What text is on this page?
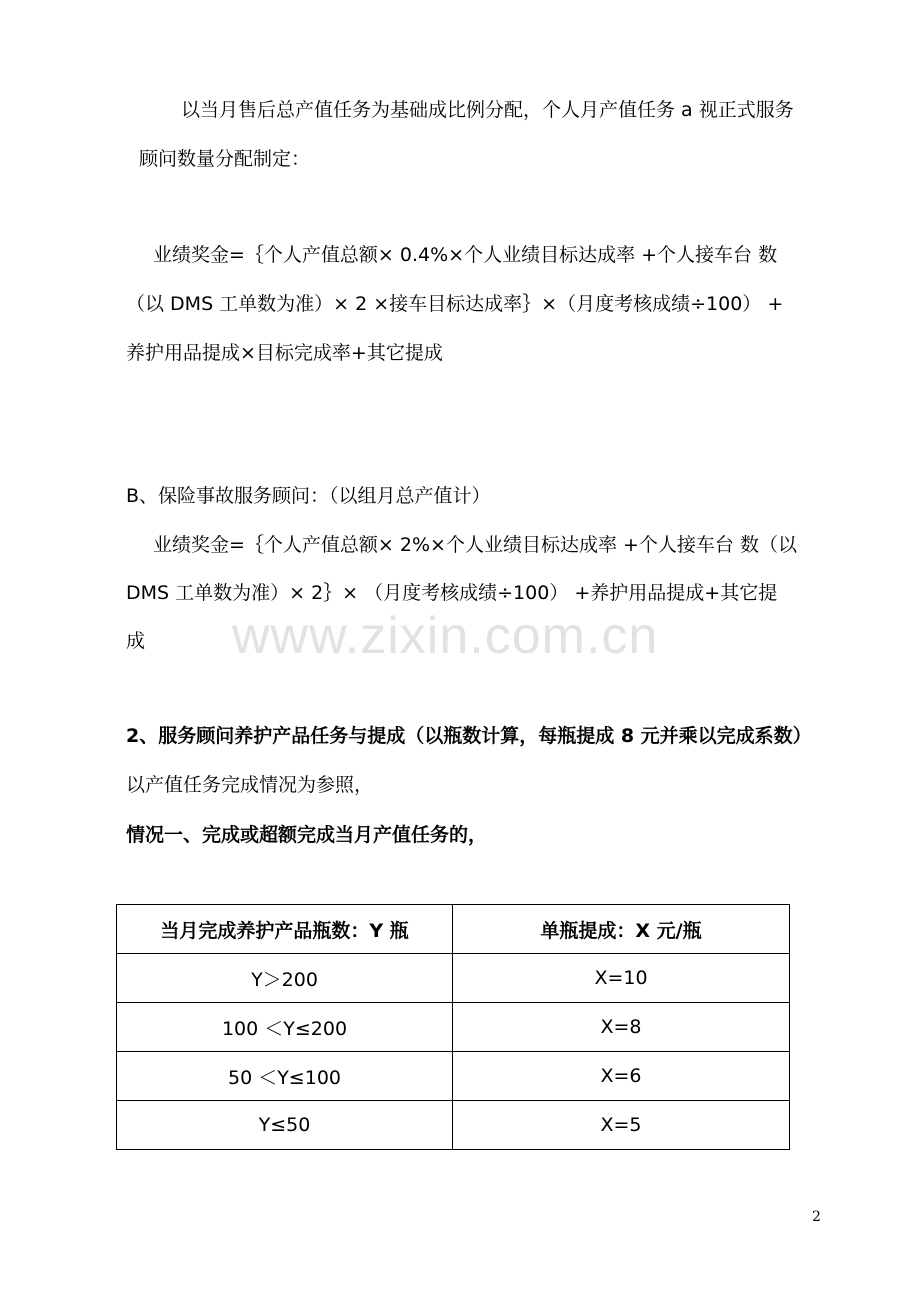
以当月售后总产值任务为基础成比例分配，个人月产值任务 a 视正式服务
顾问数量分配制定：
业绩奖金=｛个人产值总额× 0.4%×个人业绩目标达成率 +个人接车台 数
（以 DMS 工单数为准）× 2 ×接车目标达成率｝×（月度考核成绩÷100） +
养护用品提成×目标完成率+其它提成
B、保险事故服务顾问：（以组月总产值计）
业绩奖金=｛个人产值总额× 2%×个人业绩目标达成率 +个人接车台 数（以
DMS 工单数为准）× 2｝× （月度考核成绩÷100） +养护用品提成+其它提
成 www.zixin.com.cn
2、服务顾问养护产品任务与提成（以瓶数计算，每瓶提成 8 元并乘以完成系数）
以产值任务完成情况为参照，
情况一、完成或超额完成当月产值任务的，
当月完成养护产品瓶数：Y 瓶	单瓶提成：X 元/瓶
Y＞200	X=10
100 ＜Y≤200	X=8
50 ＜Y≤100	X=6
Y≤50	X=5
2
